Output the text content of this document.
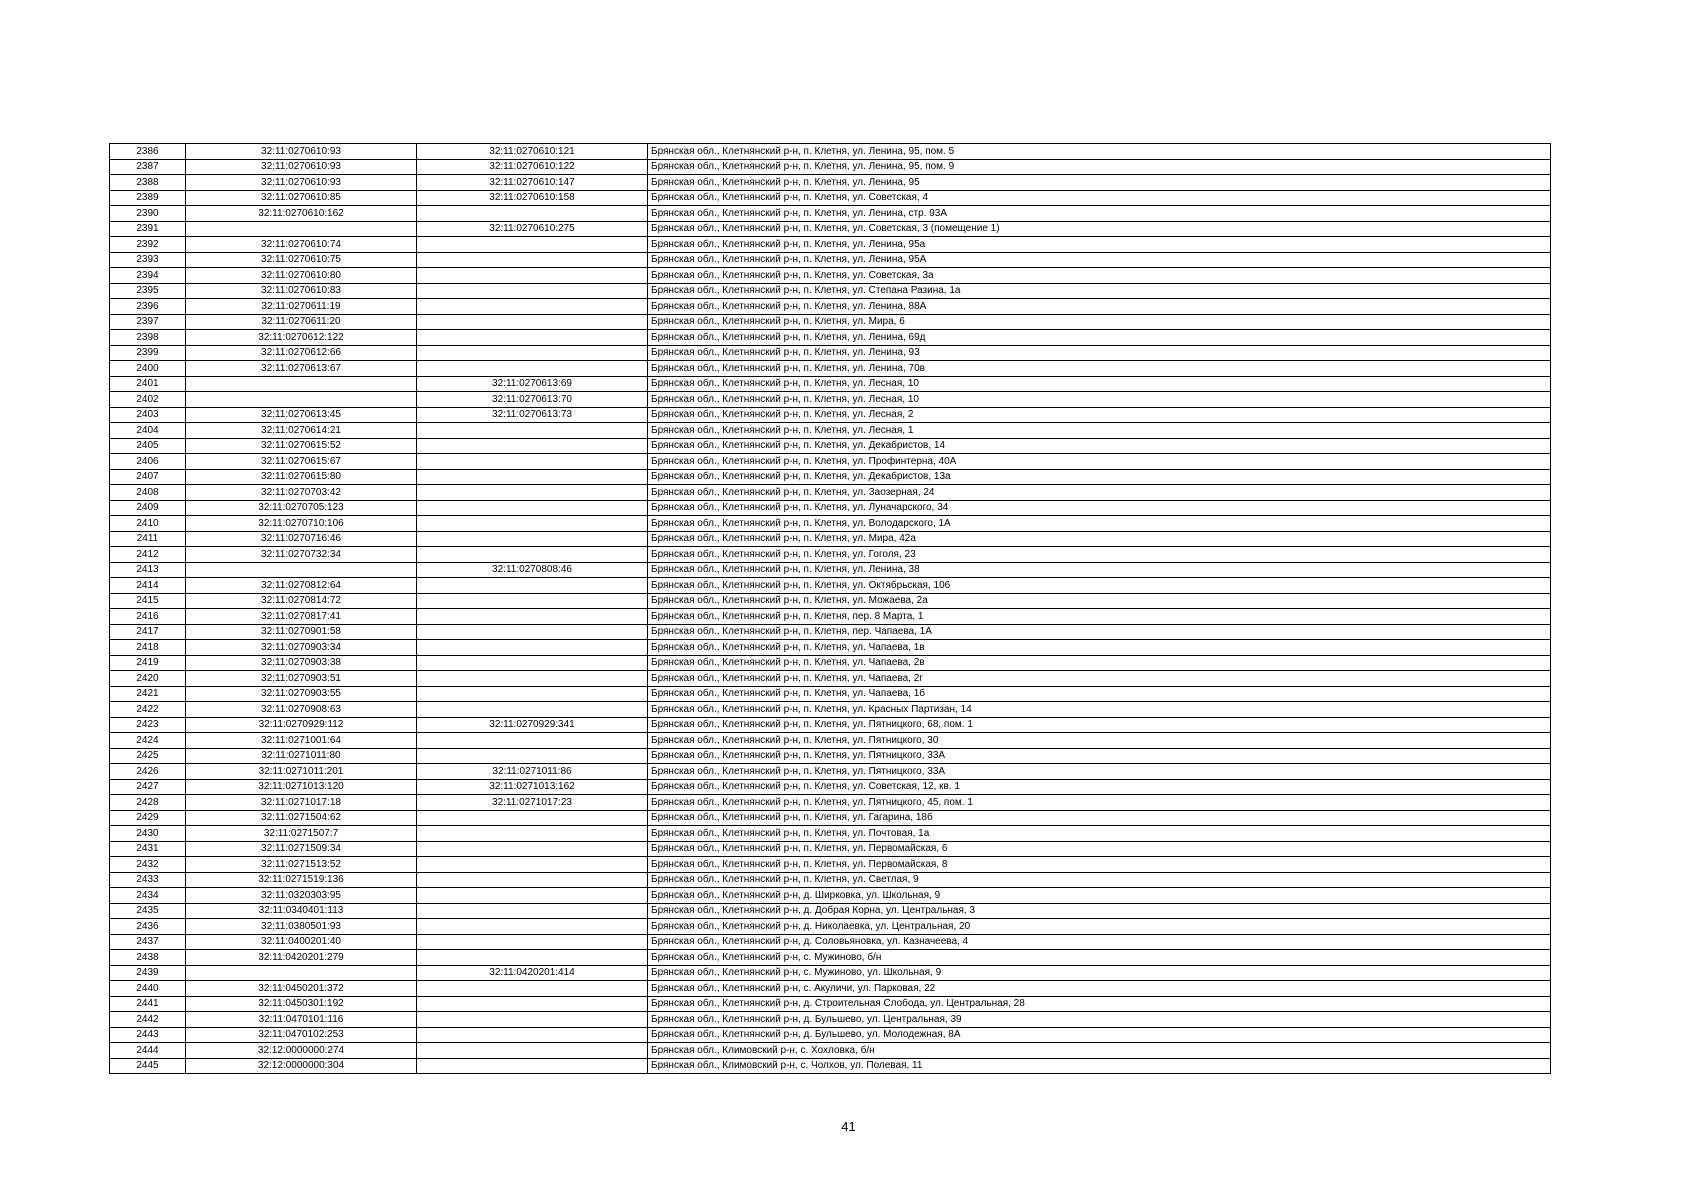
2386	32:11:0270610:93	32:11:0270610:121	Брянская обл., Клетнянский р-н, п. Клетня, ул. Ленина, 95, пом. 5
2387	32:11:0270610:93	32:11:0270610:122	Брянская обл., Клетнянский р-н, п. Клетня, ул. Ленина, 95, пом. 9
2388	32:11:0270610:93	32:11:0270610:147	Брянская обл., Клетнянский р-н, п. Клетня, ул. Ленина, 95
2389	32:11:0270610:85	32:11:0270610:158	Брянская обл., Клетнянский р-н, п. Клетня, ул. Советская, 4
2390	32:11:0270610:162		Брянская обл., Клетнянский р-н, п. Клетня, ул. Ленина, стр. 93А
2391		32:11:0270610:275	Брянская обл., Клетнянский р-н, п. Клетня, ул. Советская, 3 (помещение 1)
2392	32:11:0270610:74		Брянская обл., Клетнянский р-н, п. Клетня, ул. Ленина, 95а
2393	32:11:0270610:75		Брянская обл., Клетнянский р-н, п. Клетня, ул. Ленина, 95А
2394	32:11:0270610:80		Брянская обл., Клетнянский р-н, п. Клетня, ул. Советская, 3а
2395	32:11:0270610:83		Брянская обл., Клетнянский р-н, п. Клетня, ул. Степана Разина, 1а
2396	32:11:0270611:19		Брянская обл., Клетнянский р-н, п. Клетня, ул. Ленина, 88А
2397	32:11:0270611:20		Брянская обл., Клетнянский р-н, п. Клетня, ул. Мира, 6
2398	32:11:0270612:122		Брянская обл., Клетнянский р-н, п. Клетня, ул. Ленина, 69д
2399	32:11:0270612:66		Брянская обл., Клетнянский р-н, п. Клетня, ул. Ленина, 93
2400	32:11:0270613:67		Брянская обл., Клетнянский р-н, п. Клетня, ул. Ленина, 70в
2401		32:11:0270613:69	Брянская обл., Клетнянский р-н, п. Клетня, ул. Лесная, 10
2402		32:11:0270613:70	Брянская обл., Клетнянский р-н, п. Клетня, ул. Лесная, 10
2403	32:11:0270613:45	32:11:0270613:73	Брянская обл., Клетнянский р-н, п. Клетня, ул. Лесная, 2
2404	32:11:0270614:21		Брянская обл., Клетнянский р-н, п. Клетня, ул. Лесная, 1
2405	32:11:0270615:52		Брянская обл., Клетнянский р-н, п. Клетня, ул. Декабристов, 14
2406	32:11:0270615:67		Брянская обл., Клетнянский р-н, п. Клетня, ул. Профинтерна, 40А
2407	32:11:0270615:80		Брянская обл., Клетнянский р-н, п. Клетня, ул. Декабристов, 13а
2408	32:11:0270703:42		Брянская обл., Клетнянский р-н, п. Клетня, ул. Заозерная, 24
2409	32:11:0270705:123		Брянская обл., Клетнянский р-н, п. Клетня, ул. Луначарского, 34
2410	32:11:0270710:106		Брянская обл., Клетнянский р-н, п. Клетня, ул. Володарского, 1А
2411	32:11:0270716:46		Брянская обл., Клетнянский р-н, п. Клетня, ул. Мира, 42а
2412	32:11:0270732:34		Брянская обл., Клетнянский р-н, п. Клетня, ул. Гоголя, 23
2413		32:11:0270808:46	Брянская обл., Клетнянский р-н, п. Клетня, ул. Ленина, 38
2414	32:11:0270812:64		Брянская обл., Клетнянский р-н, п. Клетня, ул. Октябрьская, 106
2415	32:11:0270814:72		Брянская обл., Клетнянский р-н, п. Клетня, ул. Можаева, 2а
2416	32:11:0270817:41		Брянская обл., Клетнянский р-н, п. Клетня, пер. 8 Марта, 1
2417	32:11:0270901:58		Брянская обл., Клетнянский р-н, п. Клетня, пер. Чапаева, 1А
2418	32:11:0270903:34		Брянская обл., Клетнянский р-н, п. Клетня, ул. Чапаева, 1в
2419	32:11:0270903:38		Брянская обл., Клетнянский р-н, п. Клетня, ул. Чапаева, 2в
2420	32:11:0270903:51		Брянская обл., Клетнянский р-н, п. Клетня, ул. Чапаева, 2г
2421	32:11:0270903:55		Брянская обл., Клетнянский р-н, п. Клетня, ул. Чапаева, 1б
2422	32:11:0270908:63		Брянская обл., Клетнянский р-н, п. Клетня, ул. Красных Партизан, 14
2423	32:11:0270929:112	32:11:0270929:341	Брянская обл., Клетнянский р-н, п. Клетня, ул. Пятницкого, 68, пом. 1
2424	32:11:0271001:64		Брянская обл., Клетнянский р-н, п. Клетня, ул. Пятницкого, 30
2425	32:11:0271011:80		Брянская обл., Клетнянский р-н, п. Клетня, ул. Пятницкого, 33А
2426	32:11:0271011:201	32:11:0271011:86	Брянская обл., Клетнянский р-н, п. Клетня, ул. Пятницкого, 33А
2427	32:11:0271013:120	32:11:0271013:162	Брянская обл., Клетнянский р-н, п. Клетня, ул. Советская, 12, кв. 1
2428	32:11:0271017:18	32:11:0271017:23	Брянская обл., Клетнянский р-н, п. Клетня, ул. Пятницкого, 45, пом. 1
2429	32:11:0271504:62		Брянская обл., Клетнянский р-н, п. Клетня, ул. Гагарина, 18б
2430	32:11:0271507:7		Брянская обл., Клетнянский р-н, п. Клетня, ул. Почтовая, 1а
2431	32:11:0271509:34		Брянская обл., Клетнянский р-н, п. Клетня, ул. Первомайская, 6
2432	32:11:0271513:52		Брянская обл., Клетнянский р-н, п. Клетня, ул. Первомайская, 8
2433	32:11:0271519:136		Брянская обл., Клетнянский р-н, п. Клетня, ул. Светлая, 9
2434	32:11:0320303:95		Брянская обл., Клетнянский р-н, д. Ширковка, ул. Школьная, 9
2435	32:11:0340401:113		Брянская обл., Клетнянский р-н, д. Добрая Корна, ул. Центральная, 3
2436	32:11:0380501:93		Брянская обл., Клетнянский р-н, д. Николаевка, ул. Центральная, 20
2437	32:11:0400201:40		Брянская обл., Клетнянский р-н, д. Соловьяновка, ул. Казначеева, 4
2438	32:11:0420201:279		Брянская обл., Клетнянский р-н, с. Мужиново, б/н
2439		32:11:0420201:414	Брянская обл., Клетнянский р-н, с. Мужиново, ул. Школьная, 9
2440	32:11:0450201:372		Брянская обл., Клетнянский р-н, с. Акуличи, ул. Парковая, 22
2441	32:11:0450301:192		Брянская обл., Клетнянский р-н, д. Строительная Слобода, ул. Центральная, 28
2442	32:11:0470101:116		Брянская обл., Клетнянский р-н, д. Бульшево, ул. Центральная, 39
2443	32:11:0470102:253		Брянская обл., Клетнянский р-н, д. Бульшево, ул. Молодежная, 8А
2444	32:12:0000000:274		Брянская обл., Климовский р-н, с. Хохловка, б/н
2445	32:12:0000000:304		Брянская обл., Климовский р-н, с. Чолхов, ул. Полевая, 11
41
